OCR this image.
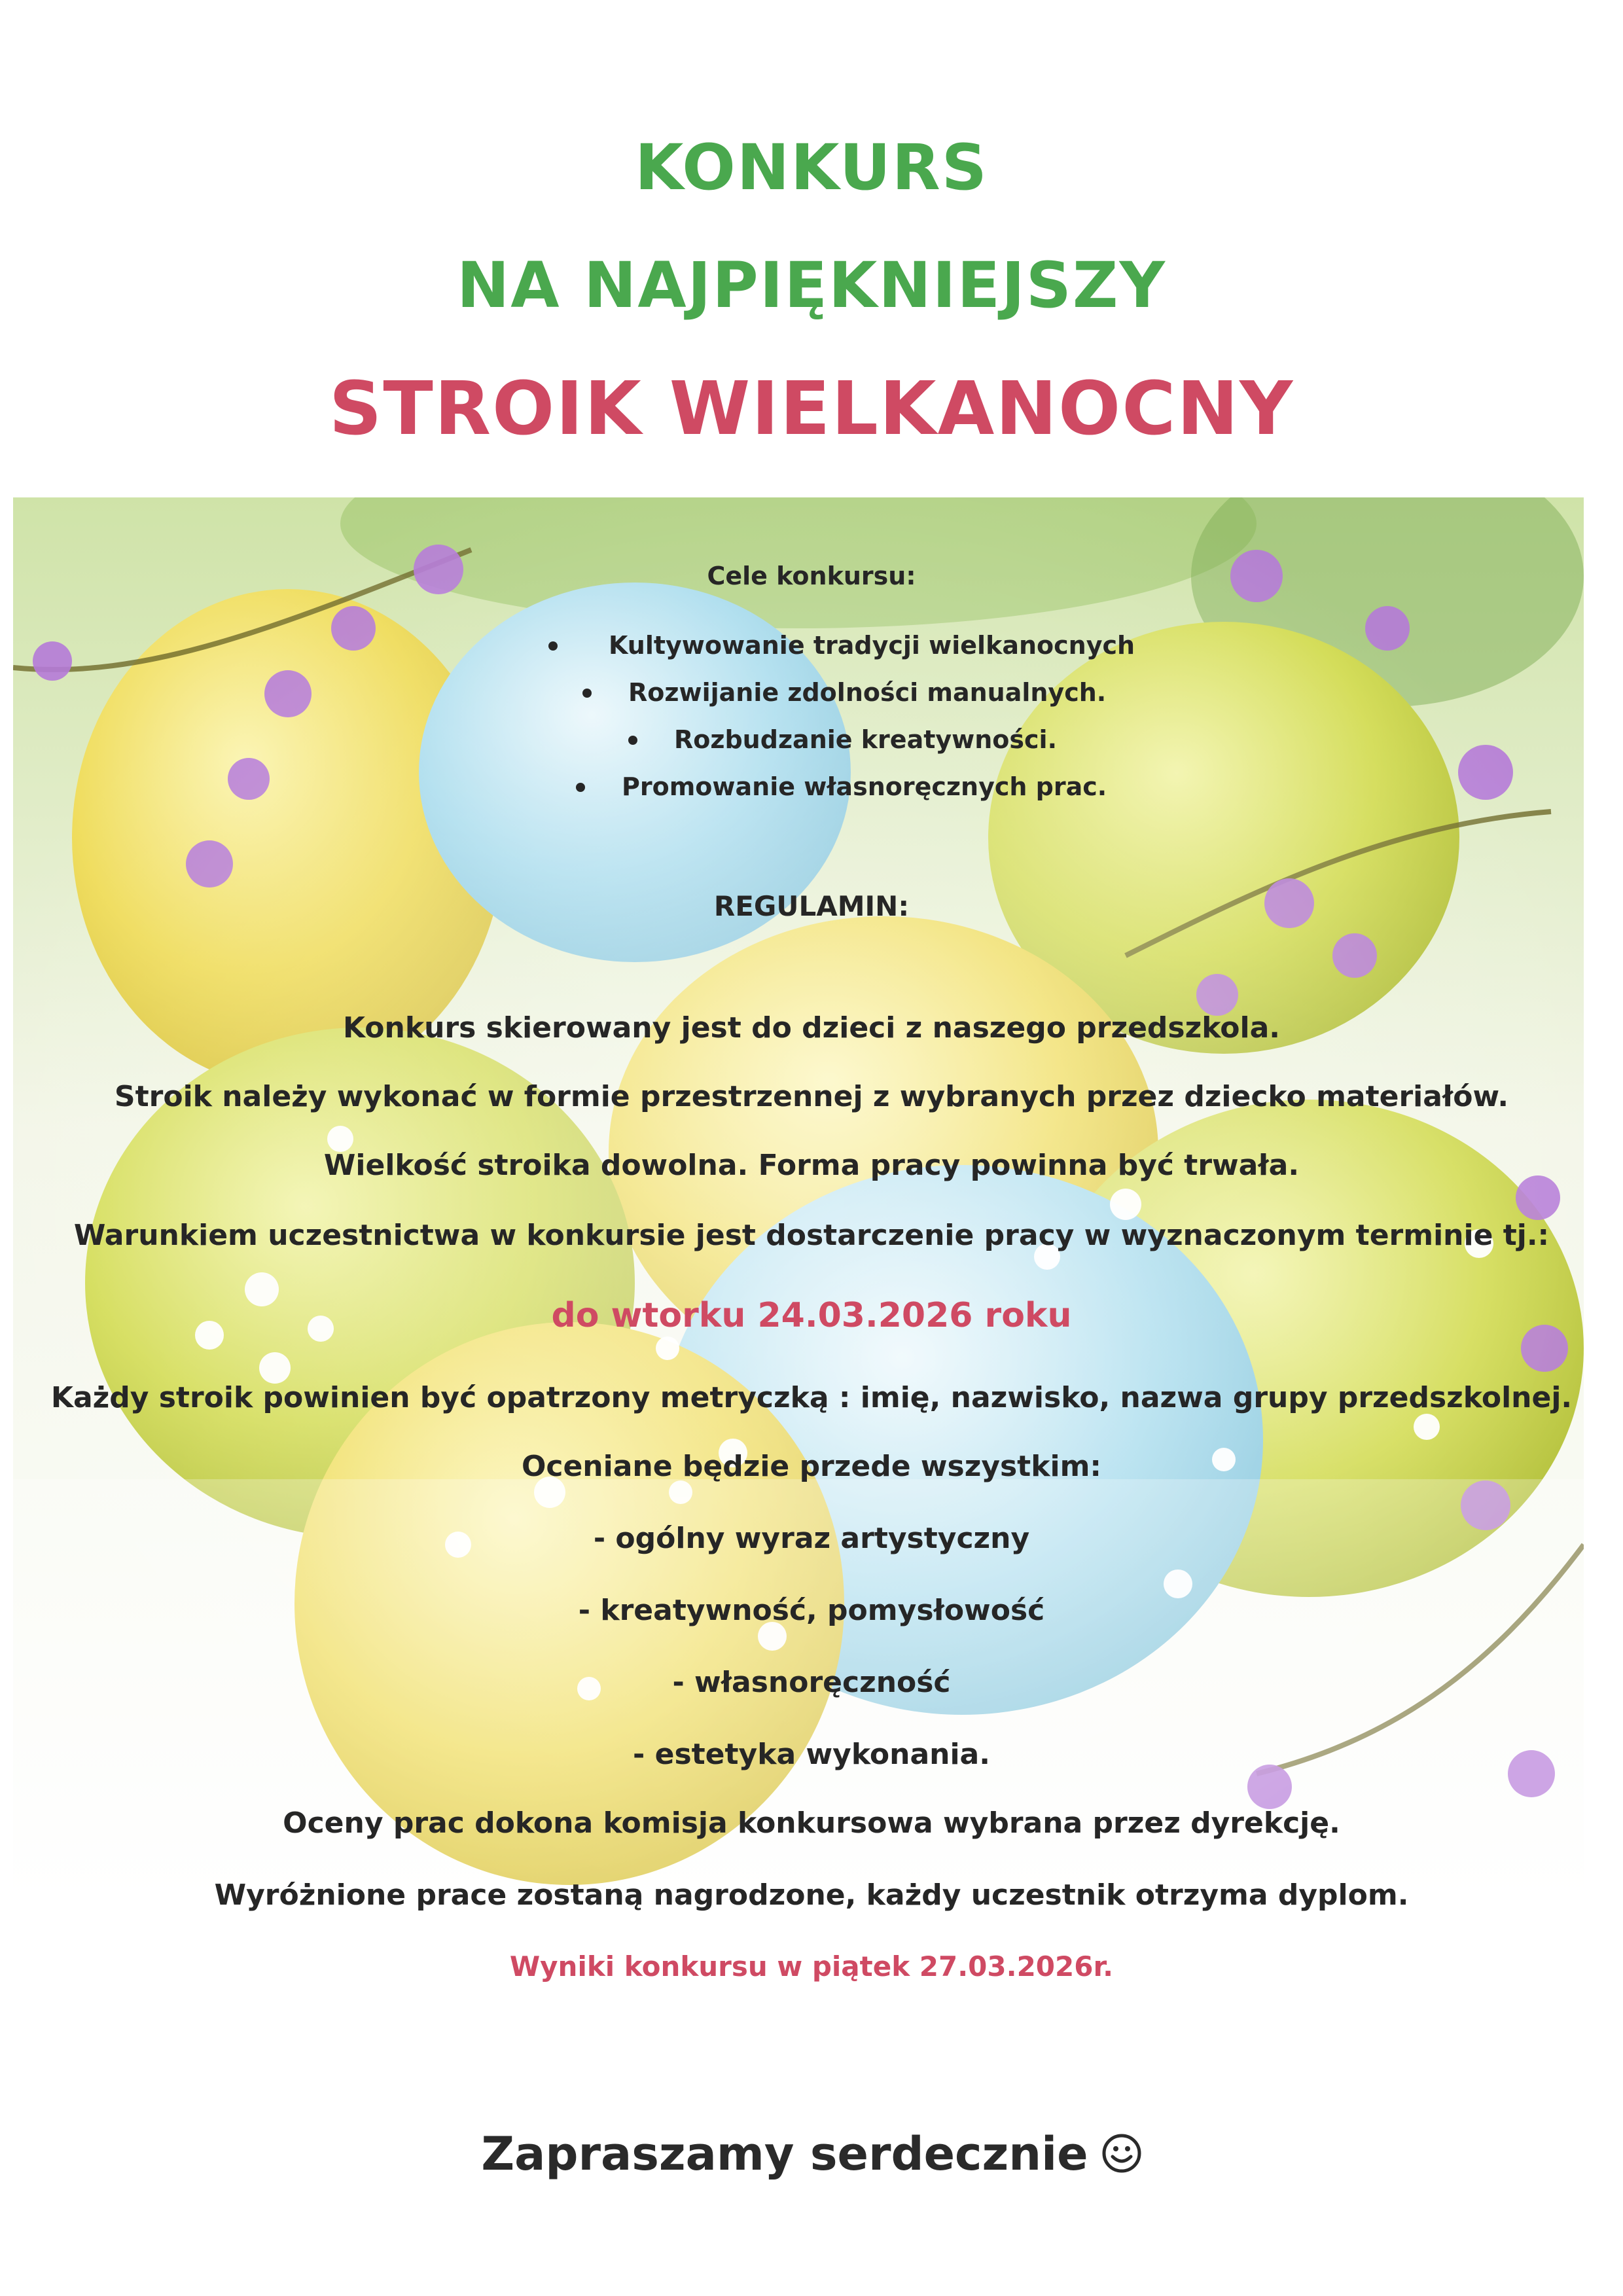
KONKURS
NA NAJPIĘKNIEJSZY
STROIK WIELKANOCNY
Cele konkursu:
Kultywowanie tradycji wielkanocnych
Rozwijanie zdolności manualnych.
Rozbudzanie kreatywności.
Promowanie własnoręcznych prac.
REGULAMIN:
Konkurs skierowany jest do dzieci z naszego przedszkola.
Stroik należy wykonać w formie przestrzennej z wybranych przez dziecko materiałów.
Wielkość stroika dowolna. Forma pracy powinna być trwała.
Warunkiem uczestnictwa w konkursie jest dostarczenie pracy w wyznaczonym terminie tj.:
do wtorku 24.03.2026 roku
Każdy stroik powinien być opatrzony metryczką : imię, nazwisko, nazwa grupy przedszkolnej.
Oceniane będzie przede wszystkim:
- ogólny wyraz artystyczny
- kreatywność, pomysłowość
- własnoręczność
- estetyka wykonania.
Oceny prac dokona komisja konkursowa wybrana przez dyrekcję.
Wyróżnione prace zostaną nagrodzone, każdy uczestnik otrzyma dyplom.
Wyniki konkursu w piątek 27.03.2026r.
Zapraszamy serdecznie
